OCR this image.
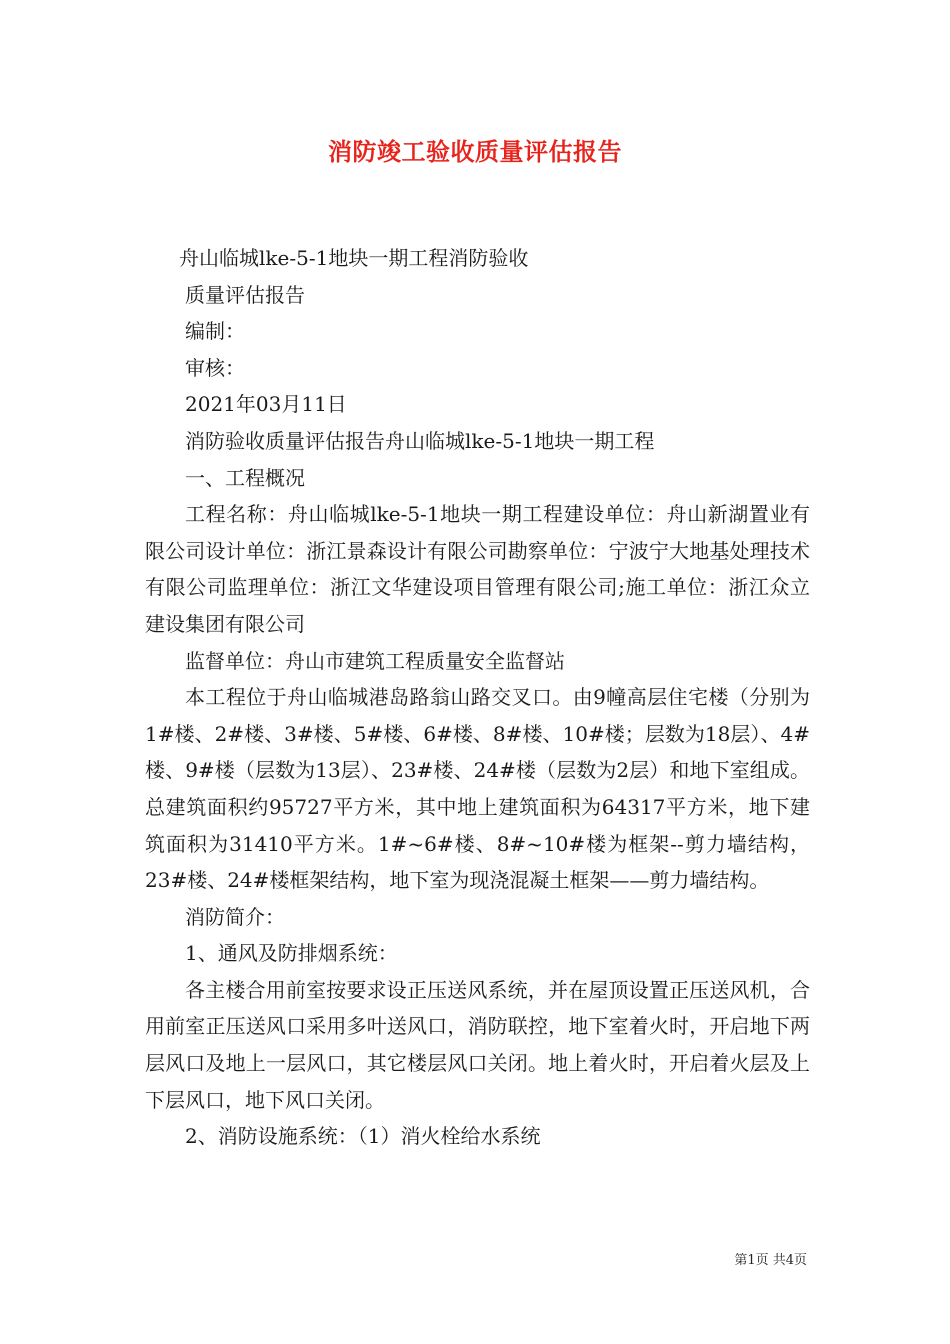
消防竣工验收质量评估报告

舟山临城lke-5-1地块一期工程消防验收

质量评估报告

编制：

审核：

2021年03月11日

消防验收质量评估报告舟山临城lke-5-1地块一期工程

一、工程概况

工程名称：舟山临城lke-5-1地块一期工程建设单位：舟山新湖置业有限公司设计单位：浙江景森设计有限公司勘察单位：宁波宁大地基处理技术有限公司监理单位：浙江文华建设项目管理有限公司;施工单位：浙江众立建设集团有限公司

监督单位：舟山市建筑工程质量安全监督站

本工程位于舟山临城港岛路翁山路交叉口。由9幢高层住宅楼（分别为1#楼、2#楼、3#楼、5#楼、6#楼、8#楼、10#楼；层数为18层）、4#楼、9#楼（层数为13层）、23#楼、24#楼（层数为2层）和地下室组成。总建筑面积约95727平方米，其中地上建筑面积为64317平方米，地下建筑面积为31410平方米。1#~6#楼、8#~10#楼为框架--剪力墙结构，23#楼、24#楼框架结构，地下室为现浇混凝土框架——剪力墙结构。

消防简介：

1、通风及防排烟系统：

各主楼合用前室按要求设正压送风系统，并在屋顶设置正压送风机，合用前室正压送风口采用多叶送风口，消防联控，地下室着火时，开启地下两层风口及地上一层风口，其它楼层风口关闭。地上着火时，开启着火层及上下层风口，地下风口关闭。

2、消防设施系统：（1）消火栓给水系统

第1页 共4页
